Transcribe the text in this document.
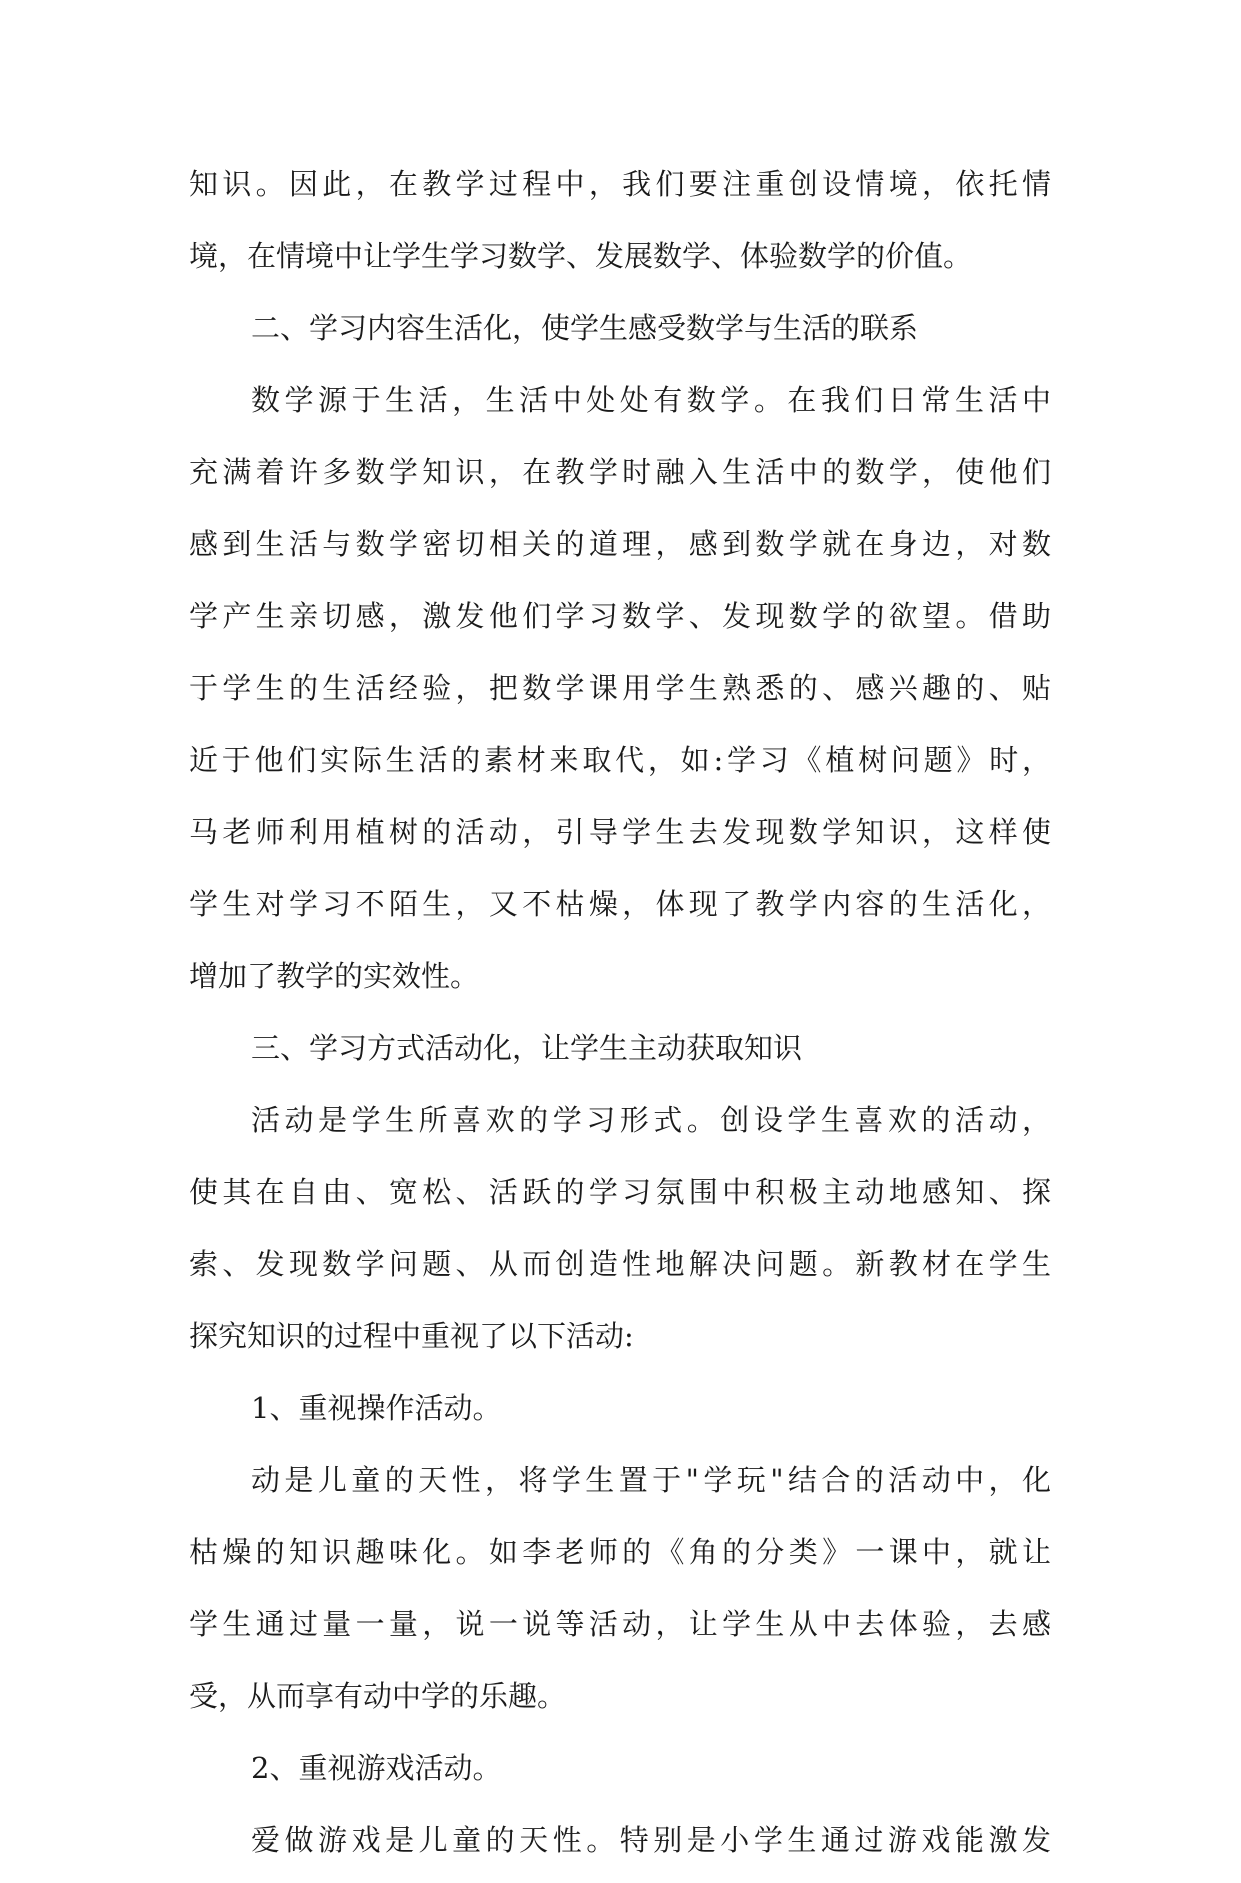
知识。因此，在教学过程中，我们要注重创设情境，依托情

境，在情境中让学生学习数学、发展数学、体验数学的价值。

二、学习内容生活化，使学生感受数学与生活的联系

数学源于生活，生活中处处有数学。在我们日常生活中

充满着许多数学知识，在教学时融入生活中的数学，使他们

感到生活与数学密切相关的道理，感到数学就在身边，对数

学产生亲切感，激发他们学习数学、发现数学的欲望。借助

于学生的生活经验，把数学课用学生熟悉的、感兴趣的、贴

近于他们实际生活的素材来取代，如:学习《植树问题》时，

马老师利用植树的活动，引导学生去发现数学知识，这样使

学生对学习不陌生，又不枯燥，体现了教学内容的生活化，

增加了教学的实效性。

三、学习方式活动化，让学生主动获取知识

活动是学生所喜欢的学习形式。创设学生喜欢的活动，

使其在自由、宽松、活跃的学习氛围中积极主动地感知、探

索、发现数学问题、从而创造性地解决问题。新教材在学生

探究知识的过程中重视了以下活动:

1、重视操作活动。

动是儿童的天性，将学生置于"学玩"结合的活动中，化

枯燥的知识趣味化。如李老师的《角的分类》一课中，就让

学生通过量一量，说一说等活动，让学生从中去体验，去感

受，从而享有动中学的乐趣。

2、重视游戏活动。

爱做游戏是儿童的天性。特别是小学生通过游戏能激发
